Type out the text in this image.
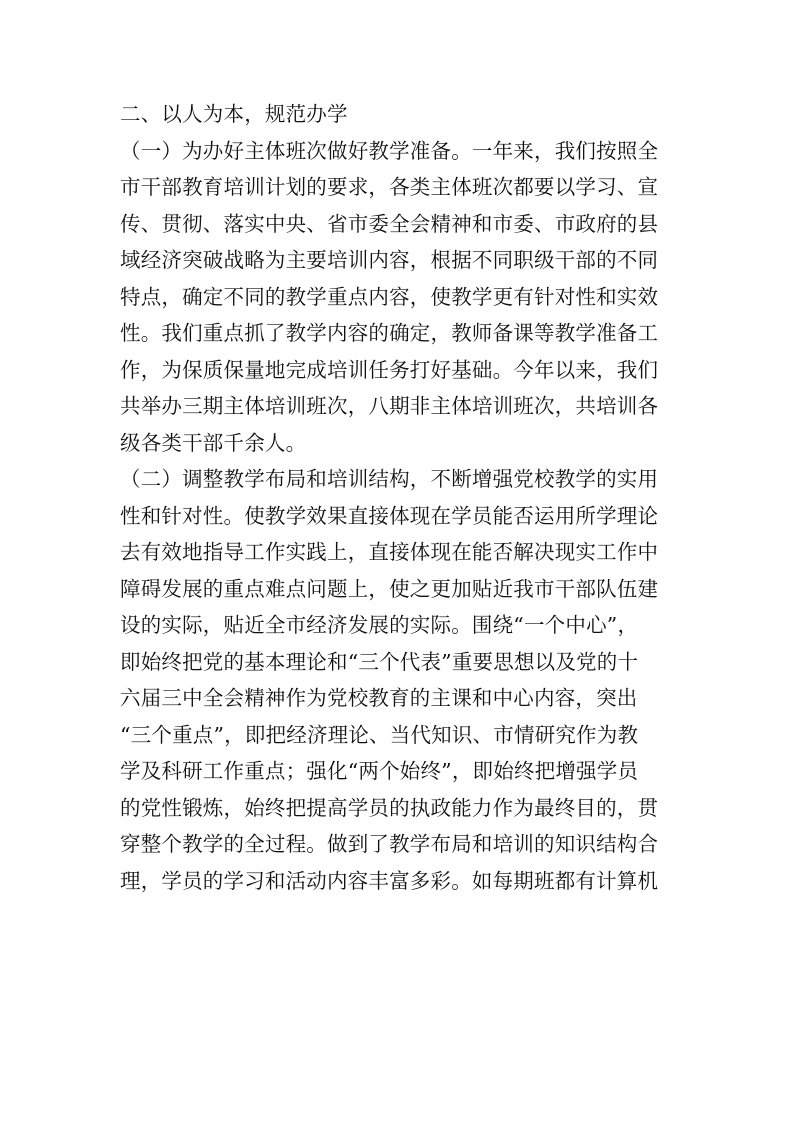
二、以人为本，规范办学
（一）为办好主体班次做好教学准备。一年来，我们按照全
市干部教育培训计划的要求，各类主体班次都要以学习、宣
传、贯彻、落实中央、省市委全会精神和市委、市政府的县
域经济突破战略为主要培训内容，根据不同职级干部的不同
特点，确定不同的教学重点内容，使教学更有针对性和实效
性。我们重点抓了教学内容的确定，教师备课等教学准备工
作，为保质保量地完成培训任务打好基础。今年以来，我们
共举办三期主体培训班次，八期非主体培训班次，共培训各
级各类干部千余人。
（二）调整教学布局和培训结构，不断增强党校教学的实用
性和针对性。使教学效果直接体现在学员能否运用所学理论
去有效地指导工作实践上，直接体现在能否解决现实工作中
障碍发展的重点难点问题上，使之更加贴近我市干部队伍建
设的实际，贴近全市经济发展的实际。围绕“一个中心”，
即始终把党的基本理论和“三个代表”重要思想以及党的十
六届三中全会精神作为党校教育的主课和中心内容，突出
“三个重点”，即把经济理论、当代知识、市情研究作为教
学及科研工作重点；强化“两个始终”，即始终把增强学员
的党性锻炼，始终把提高学员的执政能力作为最终目的，贯
穿整个教学的全过程。做到了教学布局和培训的知识结构合
理，学员的学习和活动内容丰富多彩。如每期班都有计算机
